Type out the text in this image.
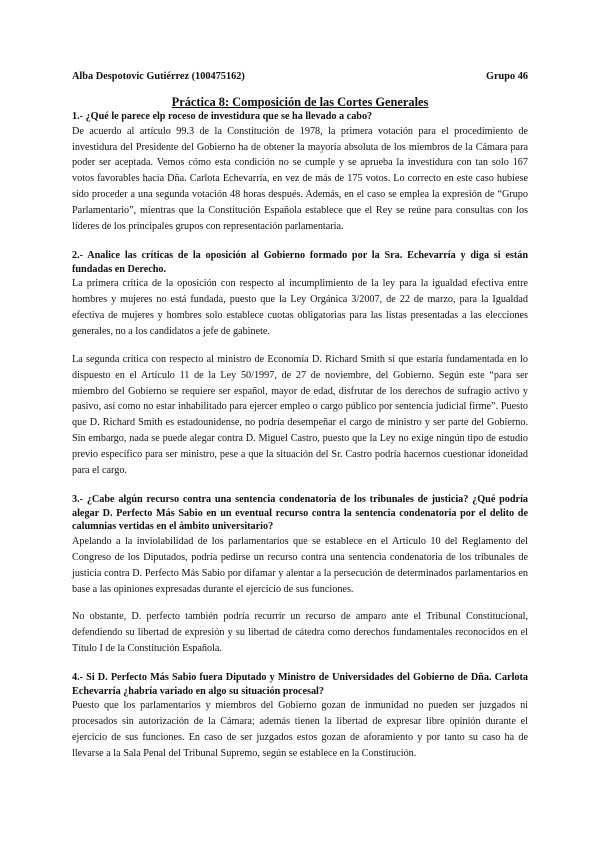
Alba Despotovic Gutiérrez (100475162)	Grupo 46
Práctica 8: Composición de las Cortes Generales

1.- ¿Qué le parece elp roceso de investidura que se ha llevado a cabo?

De acuerdo al artículo 99.3 de la Constitución de 1978, la primera votación para el procedimiento de investidura del Presidente del Gobierno ha de obtener la mayoría absoluta de los miembros de la Cámara para poder ser aceptada. Vemos cómo esta condición no se cumple y se aprueba la investidura con tan solo 167 votos favorables hacia Dña. Carlota Echevarría, en vez de más de 175 votos. Lo correcto en este caso hubiese sido proceder a una segunda votación 48 horas después. Además, en el caso se emplea la expresión de “Grupo Parlamentario”, mientras que la Constitución Española establece que el Rey se reúne para consultas con los líderes de los principales grupos con representación parlamentaria.

2.- Analice las críticas de la oposición al Gobierno formado por la Sra. Echevarría y diga si están fundadas en Derecho.

La primera crítica de la oposición con respecto al incumplimiento de la ley para la igualdad efectiva entre hombres y mujeres no está fundada, puesto que la Ley Orgánica 3/2007, de 22 de marzo, para la Igualdad efectiva de mujeres y hombres solo establece cuotas obligatorias para las listas presentadas a las elecciones generales, no a los candidatos a jefe de gabinete.

La segunda crítica con respecto al ministro de Economía D. Richard Smith sí que estaría fundamentada en lo dispuesto en el Artículo 11 de la Ley 50/1997, de 27 de noviembre, del Gobierno. Según este “para ser miembro del Gobierno se requiere ser español, mayor de edad, disfrutar de los derechos de sufragio activo y pasivo, así como no estar inhabilitado para ejercer empleo o cargo público por sentencia judicial firme”. Puesto que D. Richard Smith es estadounidense, no podría desempeñar el cargo de ministro y ser parte del Gobierno. Sin embargo, nada se puede alegar contra D. Miguel Castro, puesto que la Ley no exige ningún tipo de estudio previo específico para ser ministro, pese a que la situación del Sr. Castro podría hacernos cuestionar idoneidad para el cargo.

3.- ¿Cabe algún recurso contra una sentencia condenatoria de los tribunales de justicia? ¿Qué podría alegar D. Perfecto Más Sabio en un eventual recurso contra la sentencia condenatoria por el delito de calumnias vertidas en el ámbito universitario?

Apelando a la inviolabilidad de los parlamentarios que se establece en el Artículo 10 del Reglamento del Congreso de los Diputados, podría pedirse un recurso contra una sentencia condenatoria de los tribunales de justicia contra D. Perfecto Más Sabio por difamar y alentar a la persecución de determinados parlamentarios en base a las opiniones expresadas durante el ejercicio de sus funciones.

No obstante, D. perfecto también podría recurrir un recurso de amparo ante el Tribunal Constitucional, defendiendo su libertad de expresión y su libertad de cátedra como derechos fundamentales reconocidos en el Título I de la Constitución Española.

4.- Si D. Perfecto Más Sabio fuera Diputado y Ministro de Universidades del Gobierno de Dña. Carlota Echevarría ¿habría variado en algo su situación procesal?

Puesto que los parlamentarios y miembros del Gobierno gozan de inmunidad no pueden ser juzgados ni procesados sin autorización de la Cámara; además tienen la libertad de expresar libre opinión durante el ejercicio de sus funciones. En caso de ser juzgados estos gozan de aforamiento y por tanto su caso ha de llevarse a la Sala Penal del Tribunal Supremo, según se establece en la Constitución.
